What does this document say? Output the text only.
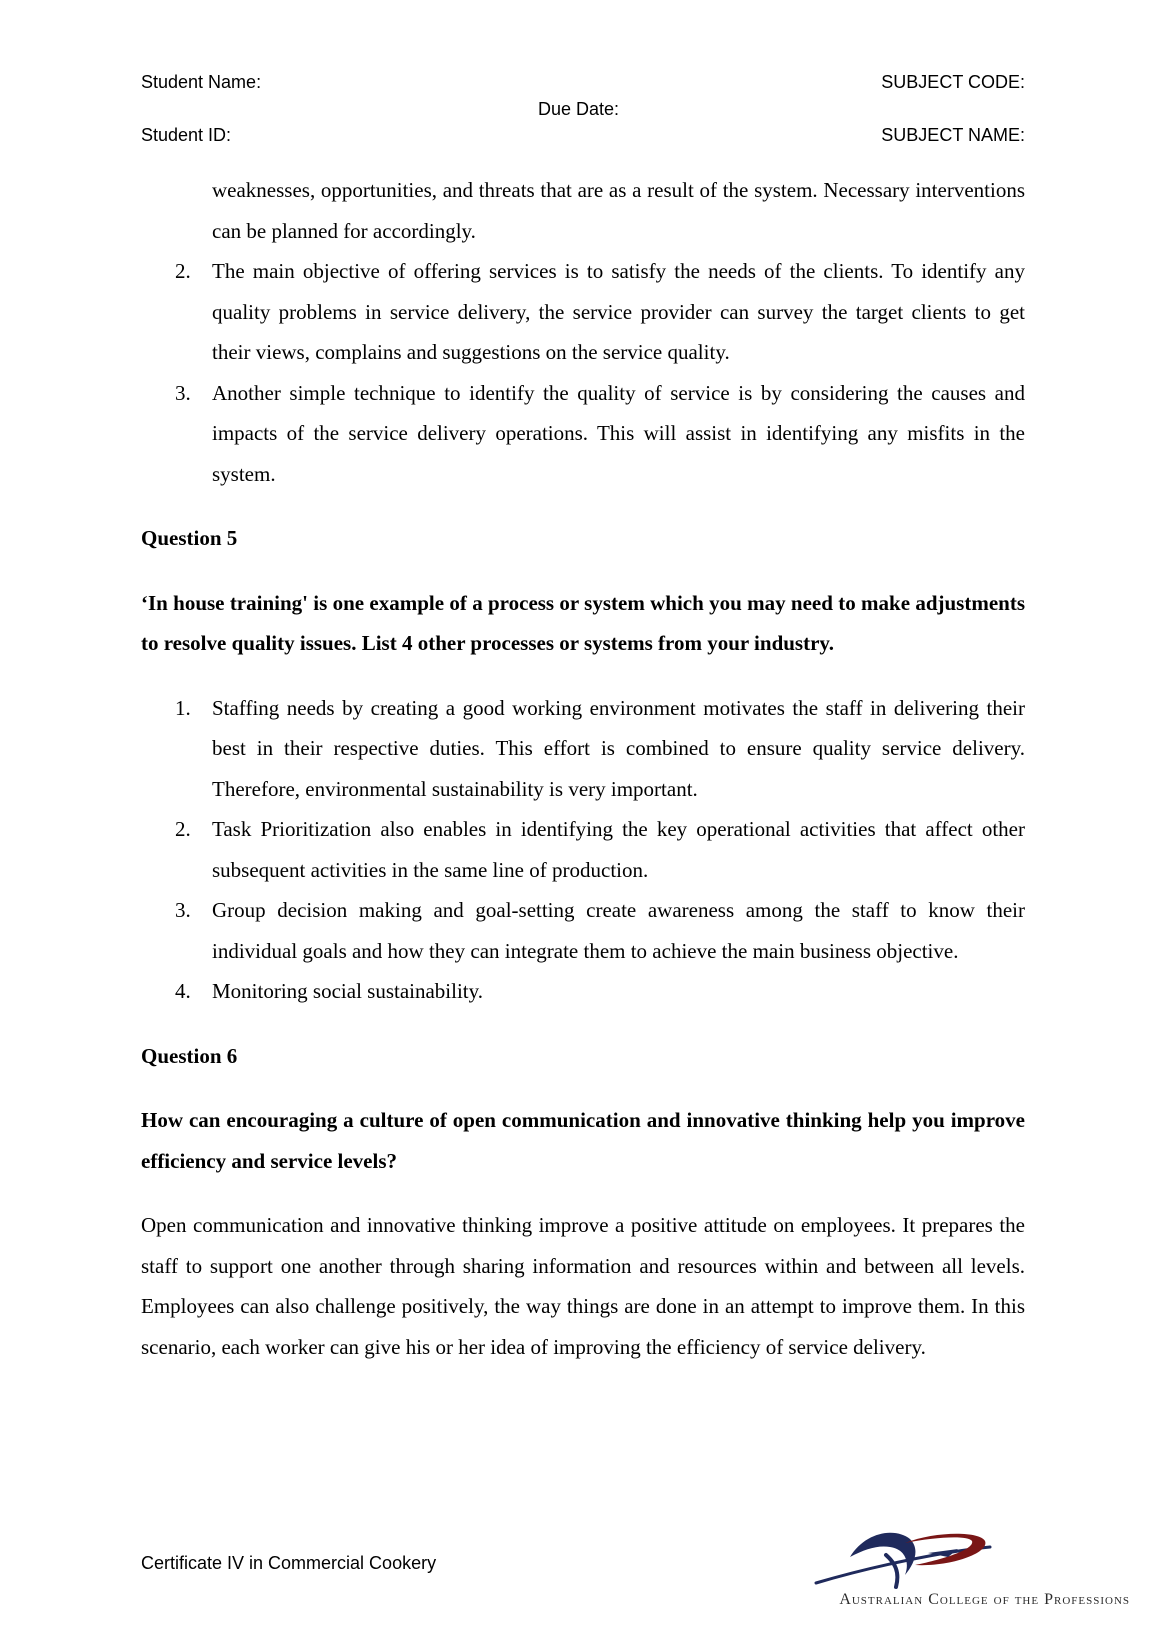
Student Name:
Student ID:
Due Date:
SUBJECT CODE:
SUBJECT NAME:

weaknesses, opportunities, and threats that are as a result of the system. Necessary interventions can be planned for accordingly.

2. The main objective of offering services is to satisfy the needs of the clients. To identify any quality problems in service delivery, the service provider can survey the target clients to get their views, complains and suggestions on the service quality.
3. Another simple technique to identify the quality of service is by considering the causes and impacts of the service delivery operations. This will assist in identifying any misfits in the system.

Question 5

‘In house training' is one example of a process or system which you may need to make adjustments to resolve quality issues. List 4 other processes or systems from your industry.

1. Staffing needs by creating a good working environment motivates the staff in delivering their best in their respective duties. This effort is combined to ensure quality service delivery. Therefore, environmental sustainability is very important.
2. Task Prioritization also enables in identifying the key operational activities that affect other subsequent activities in the same line of production.
3. Group decision making and goal-setting create awareness among the staff to know their individual goals and how they can integrate them to achieve the main business objective.
4. Monitoring social sustainability.

Question 6

How can encouraging a culture of open communication and innovative thinking help you improve efficiency and service levels?

Open communication and innovative thinking improve a positive attitude on employees. It prepares the staff to support one another through sharing information and resources within and between all levels. Employees can also challenge positively, the way things are done in an attempt to improve them. In this scenario, each worker can give his or her idea of improving the efficiency of service delivery.

Certificate IV in Commercial Cookery
Australian College of the Professions
